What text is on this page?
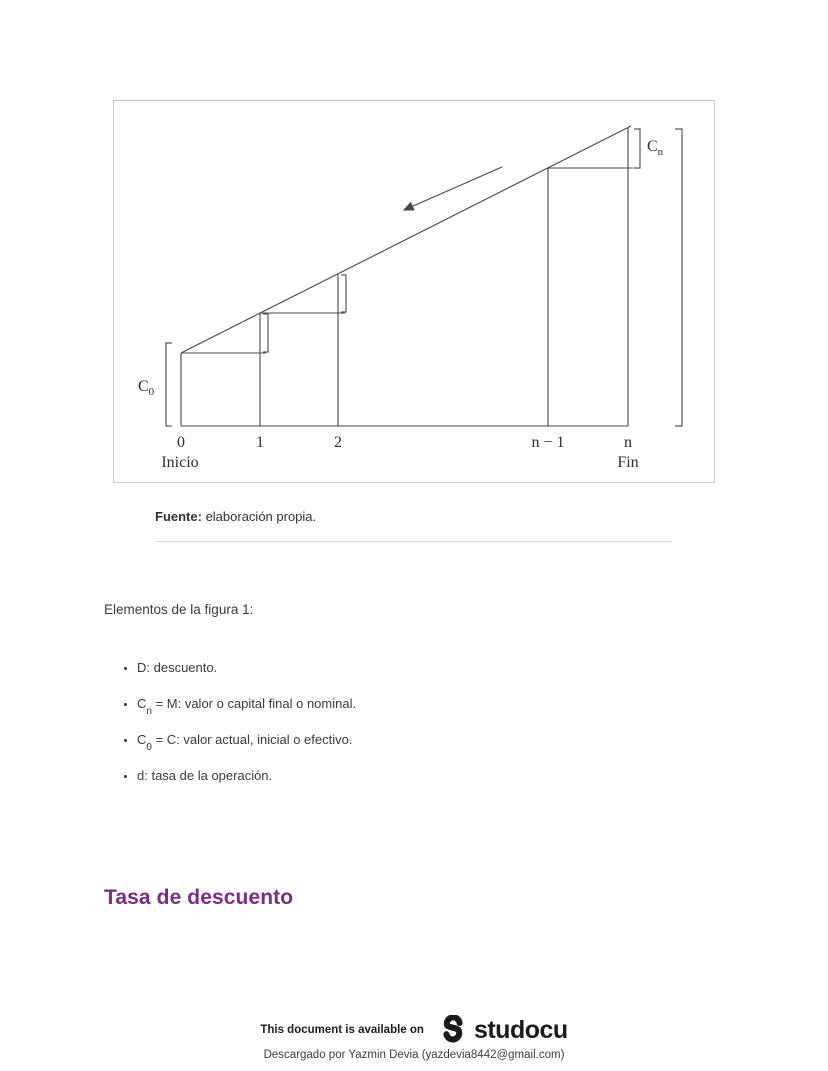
$C_0$
$C_n$
0	1	2	n − 1	n
Inicio	Fin

Fuente: elaboración propia.

Elementos de la figura 1:

• D: descuento.
• $C_n = M$: valor o capital final o nominal.
• $C_0 = C$: valor actual, inicial o efectivo.
• d: tasa de la operación.
Tasa de descuento
This document is available on studocu

Descargado por Yazmin Devia (yazdevia8442@gmail.com)
